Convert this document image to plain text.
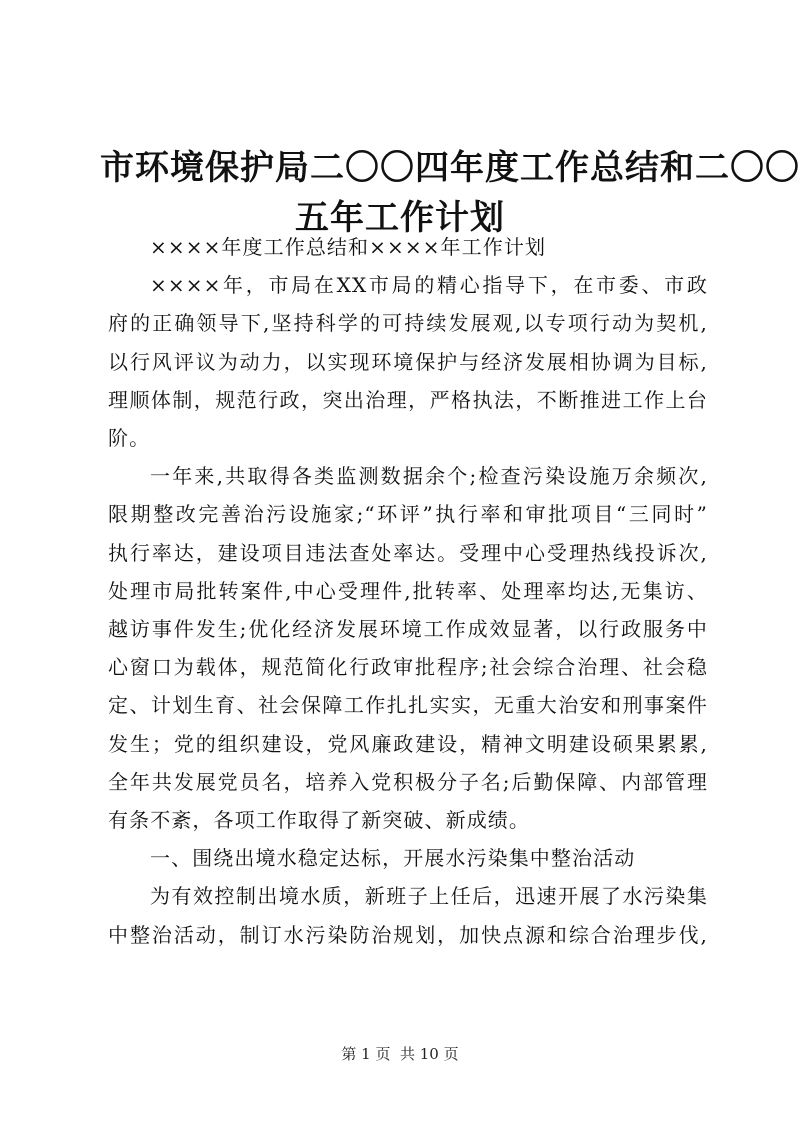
市环境保护局二〇〇四年度工作总结和二〇〇
五年工作计划

××××年度工作总结和××××年工作计划

××××年，市局在XX市局的精心指导下，在市委、市政
府的正确领导下,坚持科学的可持续发展观,以专项行动为契机,
以行风评议为动力，以实现环境保护与经济发展相协调为目标,
理顺体制，规范行政，突出治理，严格执法，不断推进工作上台
阶。

一年来,共取得各类监测数据余个;检查污染设施万余频次,
限期整改完善治污设施家;“环评”执行率和审批项目“三同时”
执行率达，建设项目违法查处率达。受理中心受理热线投诉次,
处理市局批转案件,中心受理件,批转率、处理率均达,无集访、
越访事件发生;优化经济发展环境工作成效显著，以行政服务中
心窗口为载体，规范简化行政审批程序;社会综合治理、社会稳
定、计划生育、社会保障工作扎扎实实，无重大治安和刑事案件
发生；党的组织建设，党风廉政建设，精神文明建设硕果累累,
全年共发展党员名，培养入党积极分子名;后勤保障、内部管理
有条不紊，各项工作取得了新突破、新成绩。

一、围绕出境水稳定达标，开展水污染集中整治活动

为有效控制出境水质，新班子上任后，迅速开展了水污染集
中整治活动，制订水污染防治规划，加快点源和综合治理步伐,

第 1 页  共 10 页
